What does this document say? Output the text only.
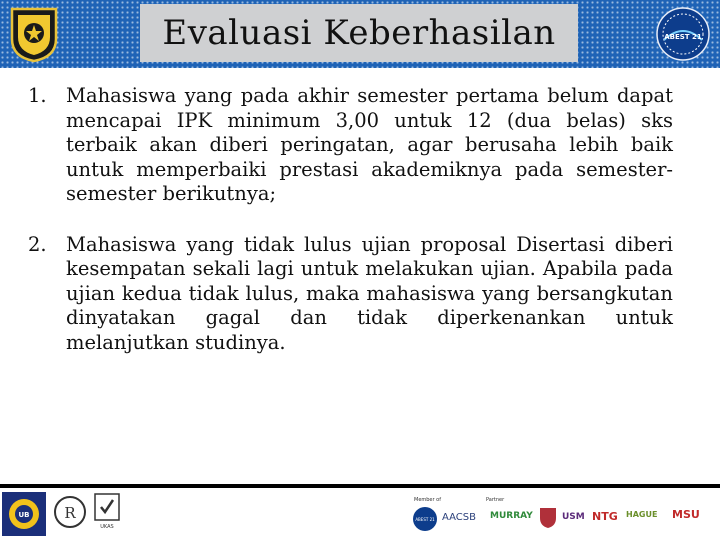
Evaluasi Keberhasilan	ABEST 21
1. Mahasiswa yang pada akhir semester pertama belum dapat mencapai IPK minimum 3,00 untuk 12 (dua belas) sks terbaik akan diberi peringatan, agar berusaha lebih baik untuk memperbaiki prestasi akademiknya pada semester-semester berikutnya;
2. Mahasiswa yang tidak lulus ujian proposal Disertasi diberi kesempatan sekali lagi untuk melakukan ujian. Apabila pada ujian kedua tidak lulus, maka mahasiswa yang bersangkutan dinyatakan gagal dan tidak diperkenankan untuk melanjutkan studinya.
UB R
UKAS
Member of	Partner
ABEST 21 AACSB MURRAY	USM NTG HAGUE MSU
